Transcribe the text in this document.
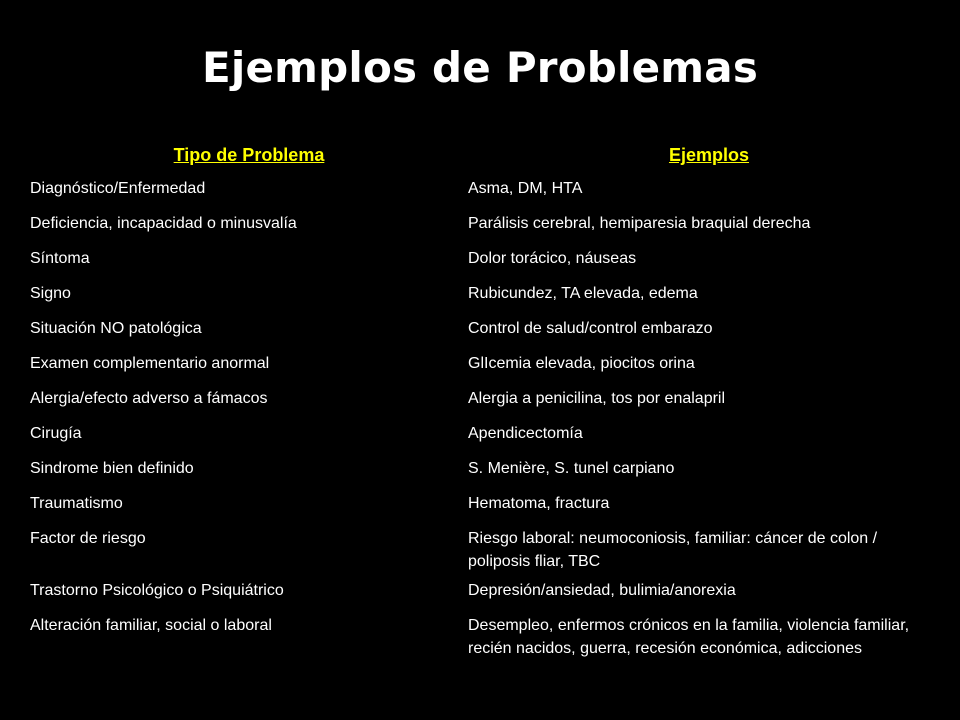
Ejemplos de Problemas
Tipo de Problema	Ejemplos

Diagnóstico/Enfermedad	Asma, DM, HTA

Deficiencia, incapacidad o minusvalía	Parálisis cerebral, hemiparesia braquial derecha

Síntoma	Dolor torácico, náuseas

Signo	Rubicundez, TA elevada, edema

Situación NO patológica	Control de salud/control embarazo

Examen complementario anormal	GlIcemia elevada, piocitos orina

Alergia/efecto adverso a fámacos	Alergia a penicilina, tos por enalapril

Cirugía	Apendicectomía

Sindrome bien definido	S. Menière, S. tunel carpiano

Traumatismo	Hematoma, fractura

Factor de riesgo	Riesgo laboral: neumoconiosis, familiar: cáncer de colon / poliposis fliar, TBC

Trastorno Psicológico o Psiquiátrico	Depresión/ansiedad, bulimia/anorexia

Alteración familiar, social o laboral	Desempleo, enfermos crónicos en la familia, violencia familiar, recién nacidos, guerra, recesión económica, adicciones
